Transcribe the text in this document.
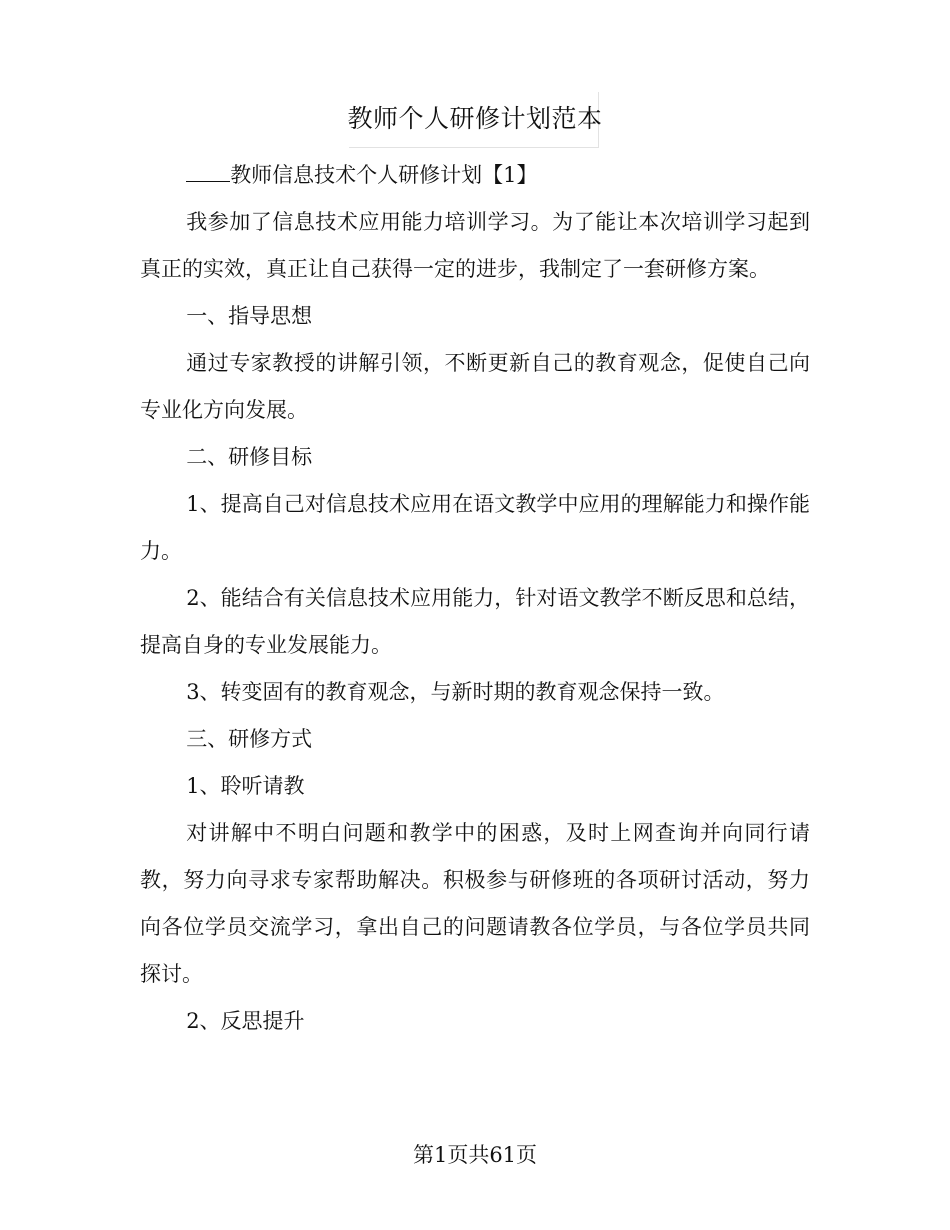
教师个人研修计划范本

教师信息技术个人研修计划【1】

我参加了信息技术应用能力培训学习。为了能让本次培训学习起到真正的实效，真正让自己获得一定的进步，我制定了一套研修方案。

一、指导思想

通过专家教授的讲解引领，不断更新自己的教育观念，促使自己向专业化方向发展。

二、研修目标

1、提高自己对信息技术应用在语文教学中应用的理解能力和操作能力。

2、能结合有关信息技术应用能力，针对语文教学不断反思和总结，提高自身的专业发展能力。

3、转变固有的教育观念，与新时期的教育观念保持一致。

三、研修方式

1、聆听请教

对讲解中不明白问题和教学中的困惑，及时上网查询并向同行请教，努力向寻求专家帮助解决。积极参与研修班的各项研讨活动，努力向各位学员交流学习，拿出自己的问题请教各位学员，与各位学员共同探讨。

2、反思提升

第1页共61页
